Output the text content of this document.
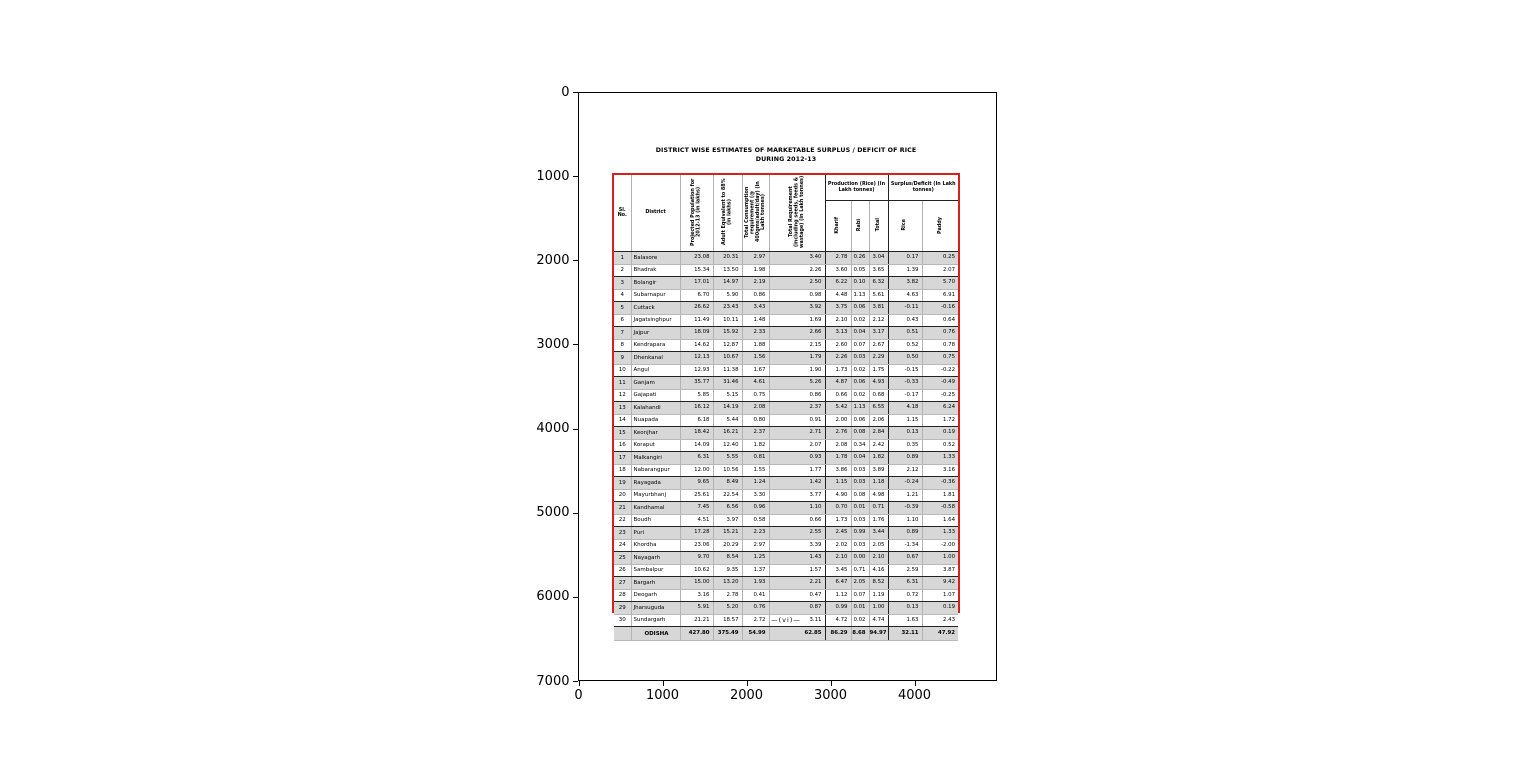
0
1000
2000
3000
4000
5000
6000
7000
0	1000	2000	3000	4000
DISTRICT WISE ESTIMATES OF MARKETABLE SURPLUS / DEFICIT OF RICE
DURING 2012-13
Sl. No.	District	Projected Population for 2012-13 (in lakhs)	Adult Equivalent to 88% (in lakhs)	Total Consumption requirement (@ 400gms/adult/day) (in Lakh tonnes)	Total Requirement (including seeds, feeds & wastage) (in Lakh tonnes)	Production (Rice) (In Lakh tonnes)			Surplus/Deficit (In Lakh tonnes)	
						Kharif	Rabi	Total	Rice	Paddy
1	Balasore	23.08	20.31	2.97	3.40	2.78	0.26	3.04	0.17	0.25
2	Bhadrak	15.34	13.50	1.98	2.26	3.60	0.05	3.65	1.39	2.07
3	Bolangir	17.01	14.97	2.19	2.50	6.22	0.10	6.32	3.82	5.70
4	Subarnapur	6.70	5.90	0.86	0.98	4.48	1.13	5.61	4.63	6.91
5	Cuttack	26.62	23.43	3.43	3.92	3.75	0.06	3.81	-0.11	-0.16
6	Jagatsinghpur	11.49	10.11	1.48	1.69	2.10	0.02	2.12	0.43	0.64
7	Jajpur	18.09	15.92	2.33	2.66	3.13	0.04	3.17	0.51	0.76
8	Kendrapara	14.62	12.87	1.88	2.15	2.60	0.07	2.67	0.52	0.78
9	Dhenkanal	12.13	10.67	1.56	1.79	2.26	0.03	2.29	0.50	0.75
10	Angul	12.93	11.38	1.67	1.90	1.73	0.02	1.75	-0.15	-0.22
11	Ganjam	35.77	31.46	4.61	5.26	4.87	0.06	4.93	-0.33	-0.49
12	Gajapati	5.85	5.15	0.75	0.86	0.66	0.02	0.68	-0.17	-0.25
13	Kalahandi	16.12	14.19	2.08	2.37	5.42	1.13	6.55	4.18	6.24
14	Nuapada	6.18	5.44	0.80	0.91	2.00	0.06	2.06	1.15	1.72
15	Keonjhar	18.42	16.21	2.37	2.71	2.76	0.08	2.84	0.13	0.19
16	Koraput	14.09	12.40	1.82	2.07	2.08	0.34	2.42	0.35	0.52
17	Malkangiri	6.31	5.55	0.81	0.93	1.78	0.04	1.82	0.89	1.33
18	Nabarangpur	12.00	10.56	1.55	1.77	3.86	0.03	3.89	2.12	3.16
19	Rayagada	9.65	8.49	1.24	1.42	1.15	0.03	1.18	-0.24	-0.36
20	Mayurbhanj	25.61	22.54	3.30	3.77	4.90	0.08	4.98	1.21	1.81
21	Kandhamal	7.45	6.56	0.96	1.10	0.70	0.01	0.71	-0.39	-0.58
22	Boudh	4.51	3.97	0.58	0.66	1.73	0.03	1.76	1.10	1.64
23	Puri	17.28	15.21	2.23	2.55	2.45	0.99	3.44	0.89	1.33
24	Khordha	23.06	20.29	2.97	3.39	2.02	0.03	2.05	-1.34	-2.00
25	Nayagarh	9.70	8.54	1.25	1.43	2.10	0.00	2.10	0.67	1.00
26	Sambalpur	10.62	9.35	1.37	1.57	3.45	0.71	4.16	2.59	3.87
27	Bargarh	15.00	13.20	1.93	2.21	6.47	2.05	8.52	6.31	9.42
28	Deogarh	3.16	2.78	0.41	0.47	1.12	0.07	1.19	0.72	1.07
29	Jharsuguda	5.91	5.20	0.76	0.87	0.99	0.01	1.00	0.13	0.19
30	Sundargarh	21.21	18.57	2.72	3.11	4.72	0.02	4.74	1.63	2.43
	ODISHA	427.80	375.49	54.99	62.85	86.29	8.68	94.97	32.11	47.92
—(vi)—
